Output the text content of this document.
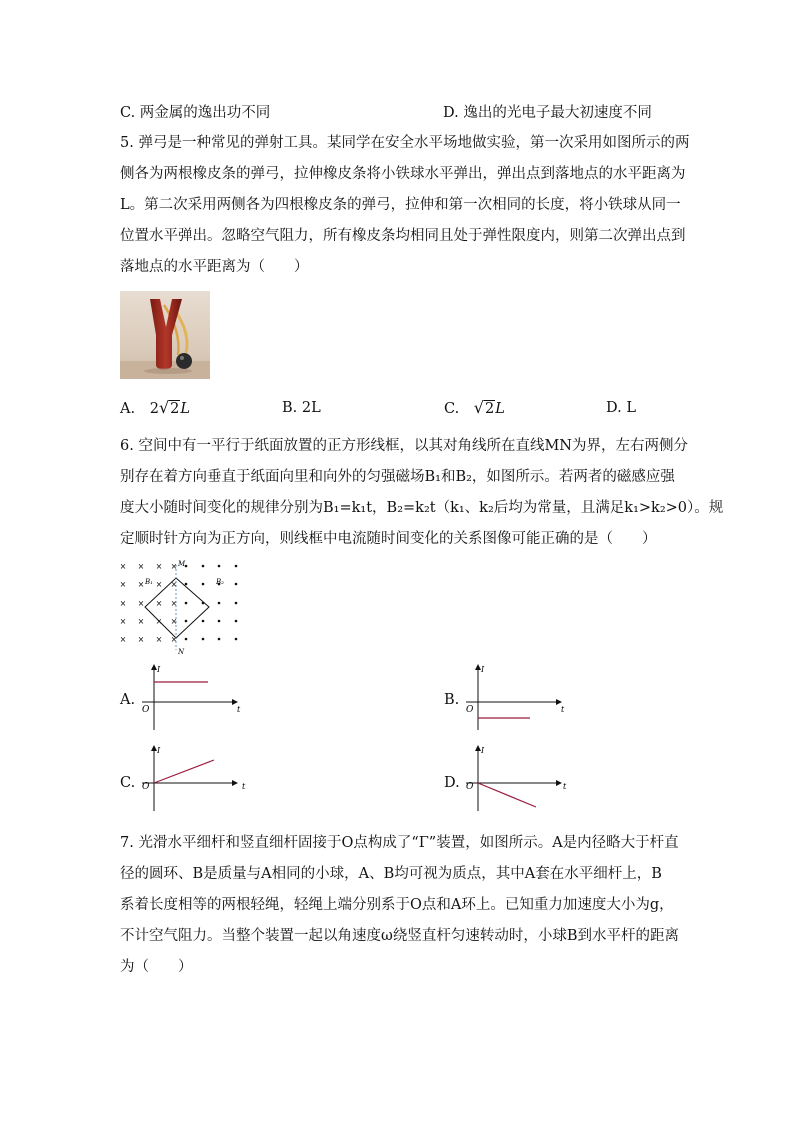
C. 两金属的逸出功不同	D. 逸出的光电子最大初速度不同
5. 弹弓是一种常见的弹射工具。某同学在安全水平场地做实验，第一次采用如图所示的两
侧各为两根橡皮条的弹弓，拉伸橡皮条将小铁球水平弹出，弹出点到落地点的水平距离为
L。第二次采用两侧各为四根橡皮条的弹弓，拉伸和第一次相同的长度，将小铁球从同一
位置水平弹出。忽略空气阻力，所有橡皮条均相同且处于弹性限度内，则第二次弹出点到
落地点的水平距离为（　　）
A. 2√2L	B. 2L	C. √2L	D. L
6. 空间中有一平行于纸面放置的正方形线框，以其对角线所在直线MN为界，左右两侧分
别存在着方向垂直于纸面向里和向外的匀强磁场B₁和B₂，如图所示。若两者的磁感应强
度大小随时间变化的规律分别为B₁=k₁t，B₂=k₂t（k₁、k₂后均为常量，且满足k₁>k₂>0）。规
定顺时针方向为正方向，则线框中电流随时间变化的关系图像可能正确的是（　　）
× × × ×
× × × ×
× × × ×
× × × ×
× × × ×
M
N
B₁	B₂
A.
I
t
O
B.
I
t
O
C.
I
t
O	D.
I
t
O
7. 光滑水平细杆和竖直细杆固接于O点构成了“Γ”装置，如图所示。A是内径略大于杆直
径的圆环、B是质量与A相同的小球，A、B均可视为质点，其中A套在水平细杆上，B
系着长度相等的两根轻绳，轻绳上端分别系于O点和A环上。已知重力加速度大小为g，
不计空气阻力。当整个装置一起以角速度ω绕竖直杆匀速转动时，小球B到水平杆的距离
为（　　）
